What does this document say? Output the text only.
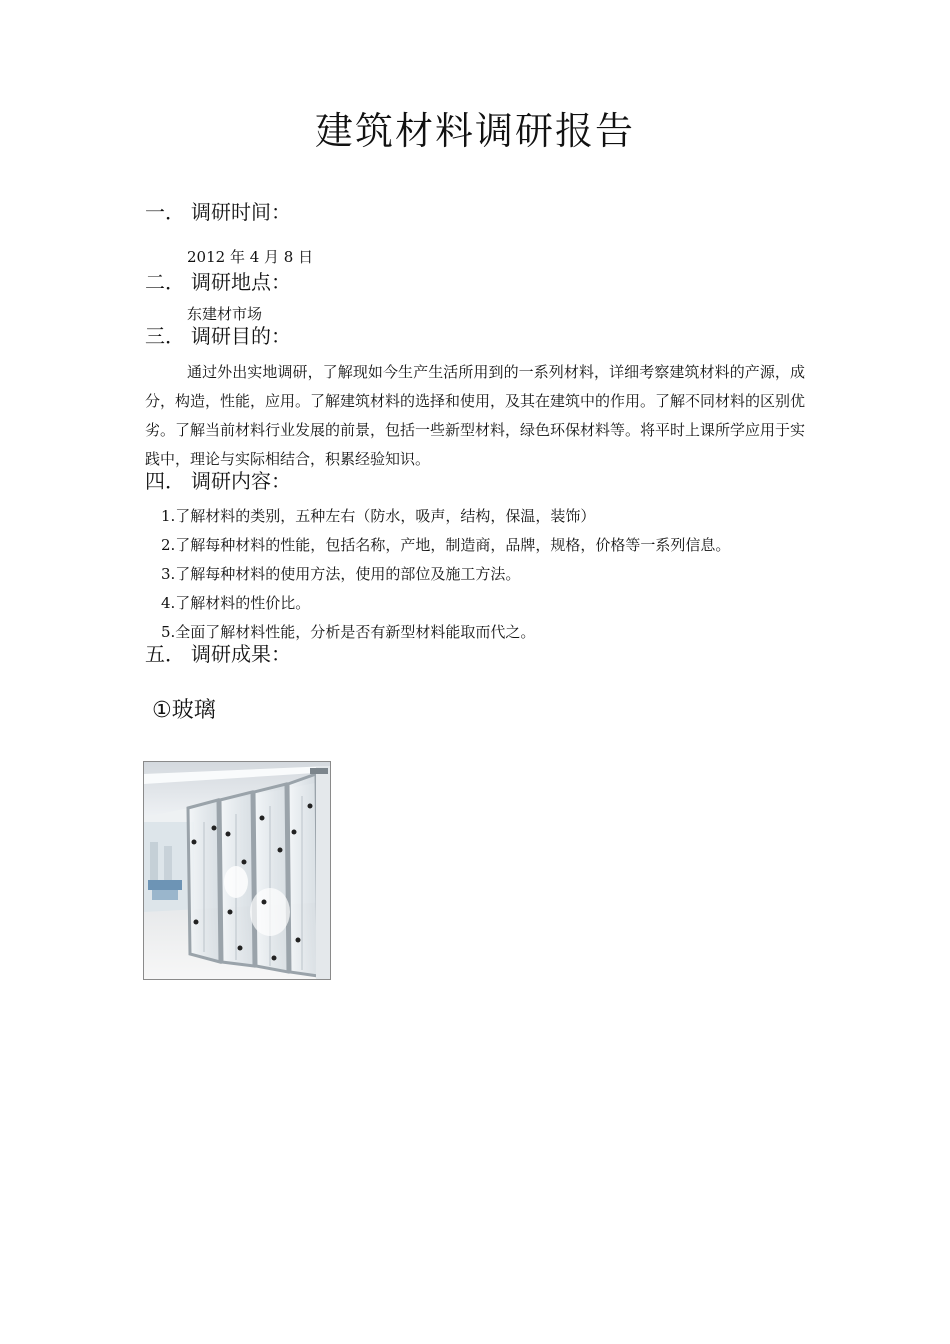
建筑材料调研报告
一． 调研时间：
2012 年 4 月 8 日
二． 调研地点：
东建材市场
三． 调研目的：

通过外出实地调研，了解现如今生产生活所用到的一系列材料，详细考察建筑材料的产源，成分，构造，性能，应用。了解建筑材料的选择和使用，及其在建筑中的作用。了解不同材料的区别优劣。了解当前材料行业发展的前景，包括一些新型材料，绿色环保材料等。将平时上课所学应用于实践中，理论与实际相结合，积累经验知识。

四． 调研内容：
1.了解材料的类别，五种左右（防水，吸声，结构，保温，装饰）
2.了解每种材料的性能，包括名称，产地，制造商，品牌，规格，价格等一系列信息。
3.了解每种材料的使用方法，使用的部位及施工方法。
4.了解材料的性价比。
5.全面了解材料性能，分析是否有新型材料能取而代之。
五． 调研成果：
①玻璃
